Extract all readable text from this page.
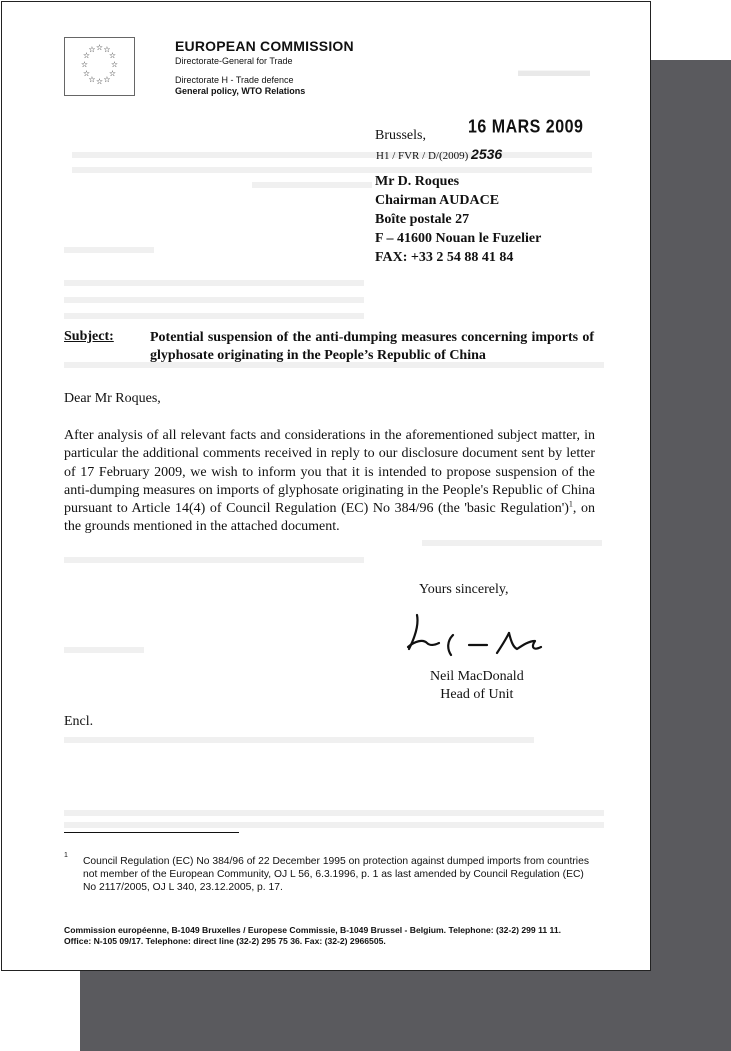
▬▬▬▬
☆ ☆
☆
☆
☆
☆
☆
☆
☆
☆
☆
☆	EUROPEAN COMMISSION
Directorate-General for Trade
Directorate H - Trade defence
General policy, WTO Relations
Brussels,	16 MARS 2009
H1 / FVR / D/(2009) 2536
Mr D. Roques
Chairman AUDACE
Boîte postale 27
F – 41600 Nouan le Fuzelier
FAX: +33 2 54 88 41 84
Subject:	Potential suspension of the anti-dumping measures concerning imports of glyphosate originating in the People’s Republic of China
Dear Mr Roques,
After analysis of all relevant facts and considerations in the aforementioned subject matter, in particular the additional comments received in reply to our disclosure document sent by letter of 17 February 2009, we wish to inform you that it is intended to propose suspension of the anti-dumping measures on imports of glyphosate originating in the People's Republic of China pursuant to Article 14(4) of Council Regulation (EC) No 384/96 (the 'basic Regulation')$^1$, on the grounds mentioned in the attached document.
Yours sincerely,
Neil MacDonald
Head of Unit
Encl.
1
Council Regulation (EC) No 384/96 of 22 December 1995 on protection against dumped imports from countries not member of the European Community, OJ L 56, 6.3.1996, p. 1 as last amended by Council Regulation (EC) No 2117/2005, OJ L 340, 23.12.2005, p. 17.
Commission européenne, B-1049 Bruxelles / Europese Commissie, B-1049 Brussel - Belgium. Telephone: (32-2) 299 11 11.
Office: N-105 09/17. Telephone: direct line (32-2) 295 75 36. Fax: (32-2) 2966505.
